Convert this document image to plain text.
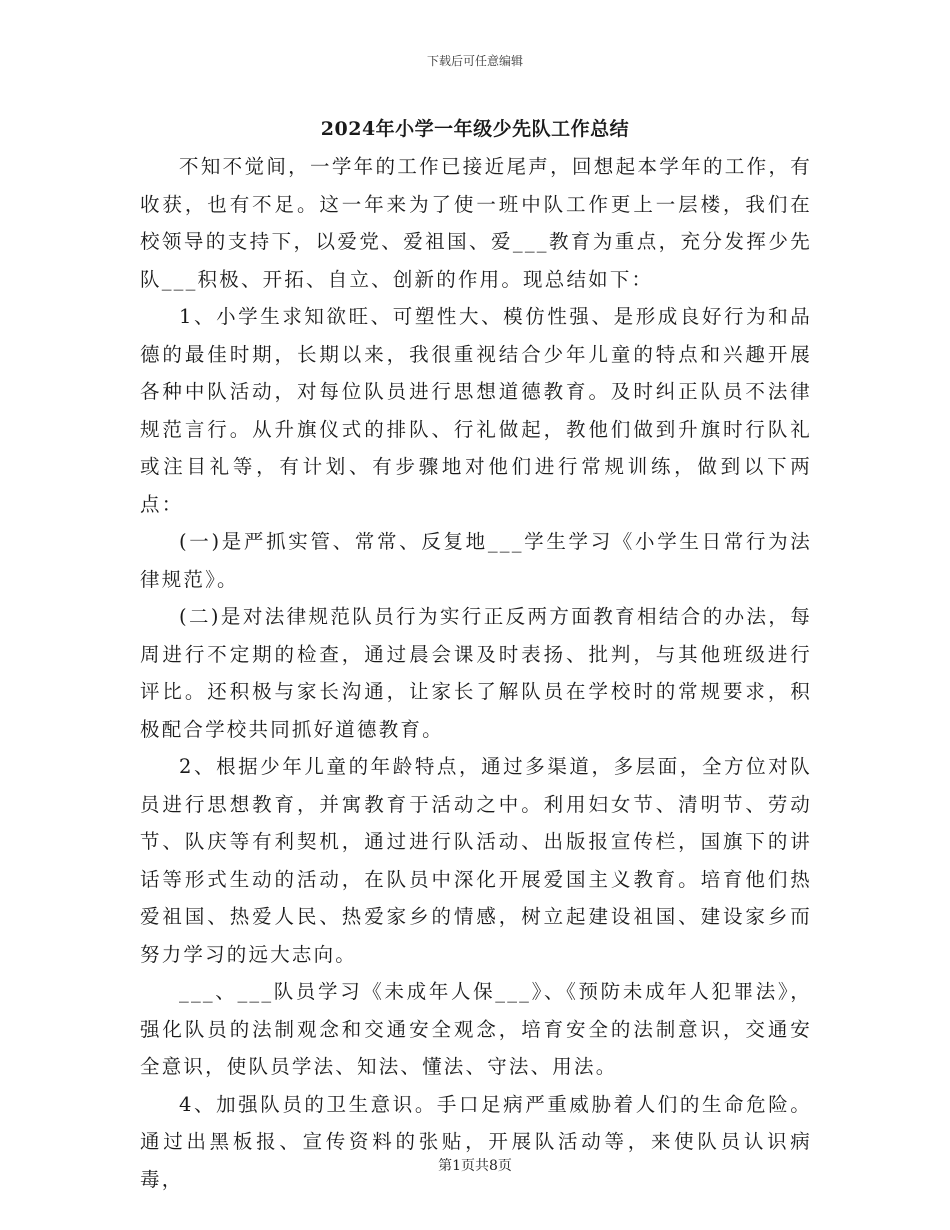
下载后可任意编辑
2024年小学一年级少先队工作总结

不知不觉间，一学年的工作已接近尾声，回想起本学年的工作，有收获，也有不足。这一年来为了使一班中队工作更上一层楼，我们在校领导的支持下，以爱党、爱祖国、爱___教育为重点，充分发挥少先队___积极、开拓、自立、创新的作用。现总结如下：

1、小学生求知欲旺、可塑性大、模仿性强、是形成良好行为和品德的最佳时期，长期以来，我很重视结合少年儿童的特点和兴趣开展各种中队活动，对每位队员进行思想道德教育。及时纠正队员不法律规范言行。从升旗仪式的排队、行礼做起，教他们做到升旗时行队礼或注目礼等，有计划、有步骤地对他们进行常规训练，做到以下两点：

(一)是严抓实管、常常、反复地___学生学习《小学生日常行为法律规范》。

(二)是对法律规范队员行为实行正反两方面教育相结合的办法，每周进行不定期的检查，通过晨会课及时表扬、批判，与其他班级进行评比。还积极与家长沟通，让家长了解队员在学校时的常规要求，积极配合学校共同抓好道德教育。

2、根据少年儿童的年龄特点，通过多渠道，多层面，全方位对队员进行思想教育，并寓教育于活动之中。利用妇女节、清明节、劳动节、队庆等有利契机，通过进行队活动、出版报宣传栏，国旗下的讲话等形式生动的活动，在队员中深化开展爱国主义教育。培育他们热爱祖国、热爱人民、热爱家乡的情感，树立起建设祖国、建设家乡而努力学习的远大志向。

___、___队员学习《未成年人保___》、《预防未成年人犯罪法》，强化队员的法制观念和交通安全观念，培育安全的法制意识，交通安全意识，使队员学法、知法、懂法、守法、用法。

4、加强队员的卫生意识。手口足病严重威胁着人们的生命危险。通过出黑板报、宣传资料的张贴，开展队活动等，来使队员认识病毒，

第1页共8页
